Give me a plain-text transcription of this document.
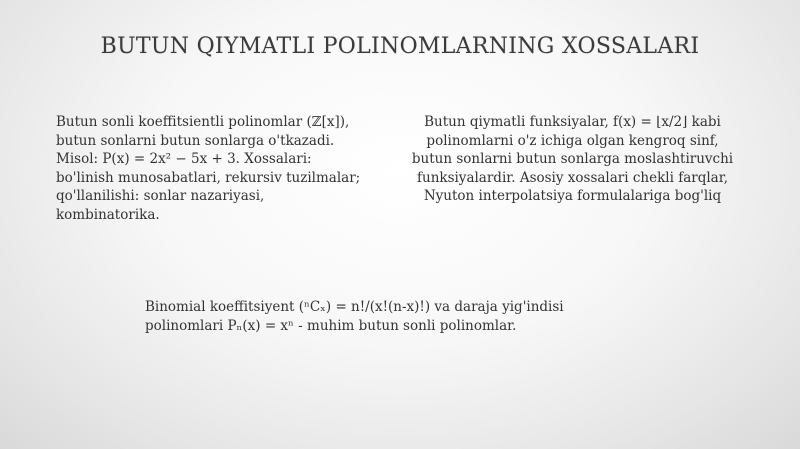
BUTUN QIYMATLI POLINOMLARNING XOSSALARI
Butun sonli koeffitsientli polinomlar (ℤ[x]),
butun sonlarni butun sonlarga o'tkazadi.
Misol: P(x) = 2x² − 5x + 3. Xossalari:
bo'linish munosabatlari, rekursiv tuzilmalar;
qo'llanilishi: sonlar nazariyasi,
kombinatorika.
Butun qiymatli funksiyalar, f(x) = ⌊x/2⌋ kabi
polinomlarni o'z ichiga olgan kengroq sinf,
butun sonlarni butun sonlarga moslashtiruvchi
funksiyalardir. Asosiy xossalari chekli farqlar,
Nyuton interpolatsiya formulalariga bog'liq
Binomial koeffitsiyent (ⁿCₓ) = n!/(x!(n-x)!) va daraja yig'indisi
polinomlari Pₙ(x) = xⁿ - muhim butun sonli polinomlar.
